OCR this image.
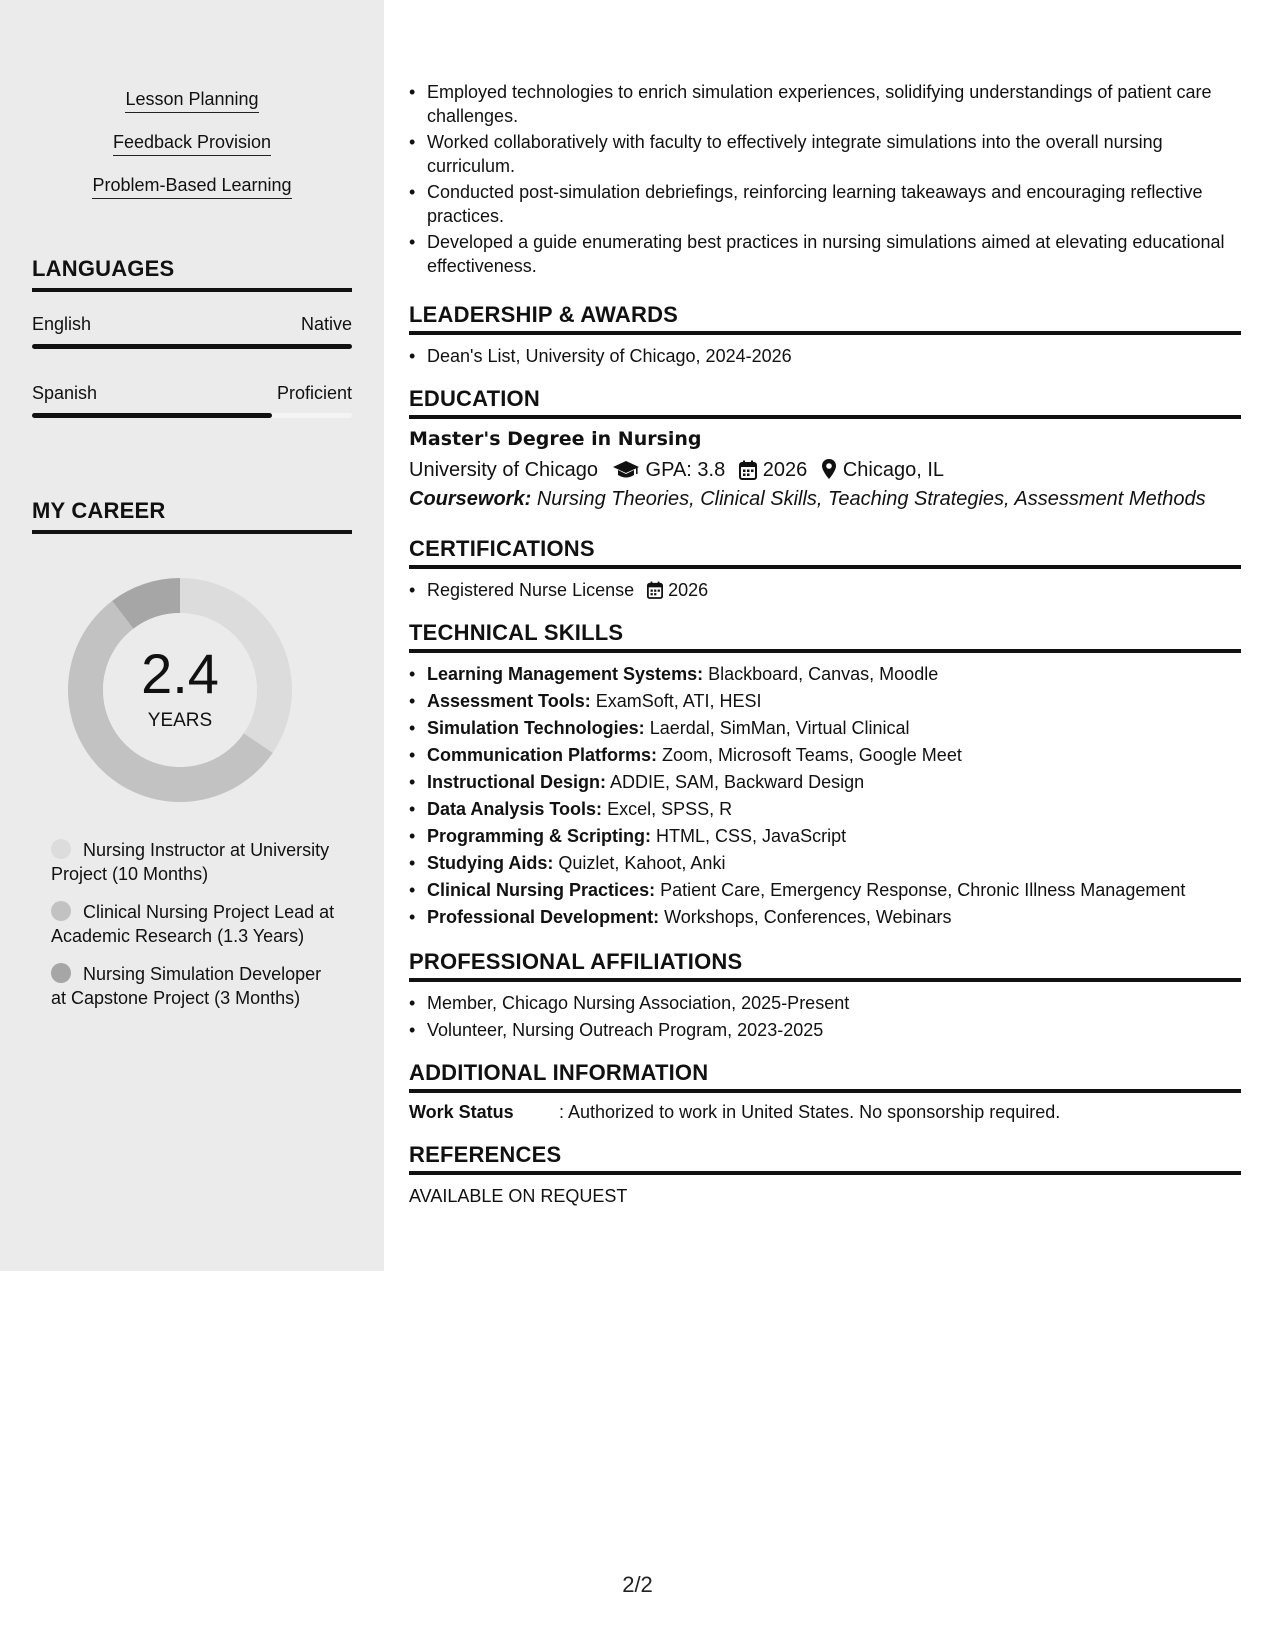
Lesson Planning
Feedback Provision
Problem-Based Learning
LANGUAGES
English	Native
Spanish	Proficient
MY CAREER
2.4
YEARS
Nursing Instructor at University Project (10 Months)
Clinical Nursing Project Lead at Academic Research (1.3 Years)
Nursing Simulation Developer at Capstone Project (3 Months)
• Employed technologies to enrich simulation experiences, solidifying understandings of patient care challenges.
• Worked collaboratively with faculty to effectively integrate simulations into the overall nursing curriculum.
• Conducted post-simulation debriefings, reinforcing learning takeaways and encouraging reflective practices.
• Developed a guide enumerating best practices in nursing simulations aimed at elevating educational effectiveness.
LEADERSHIP & AWARDS
• Dean's List, University of Chicago, 2024-2026
EDUCATION
Master's Degree in Nursing
University of Chicago GPA: 3.8 2026 Chicago, IL
Coursework: Nursing Theories, Clinical Skills, Teaching Strategies, Assessment Methods
CERTIFICATIONS
• Registered Nurse License 2026
TECHNICAL SKILLS
• Learning Management Systems: Blackboard, Canvas, Moodle
• Assessment Tools: ExamSoft, ATI, HESI
• Simulation Technologies: Laerdal, SimMan, Virtual Clinical
• Communication Platforms: Zoom, Microsoft Teams, Google Meet
• Instructional Design: ADDIE, SAM, Backward Design
• Data Analysis Tools: Excel, SPSS, R
• Programming & Scripting: HTML, CSS, JavaScript
• Studying Aids: Quizlet, Kahoot, Anki
• Clinical Nursing Practices: Patient Care, Emergency Response, Chronic Illness Management
• Professional Development: Workshops, Conferences, Webinars
PROFESSIONAL AFFILIATIONS
• Member, Chicago Nursing Association, 2025-Present
• Volunteer, Nursing Outreach Program, 2023-2025
ADDITIONAL INFORMATION
Work Status	: Authorized to work in United States. No sponsorship required.
REFERENCES
AVAILABLE ON REQUEST
2/2
